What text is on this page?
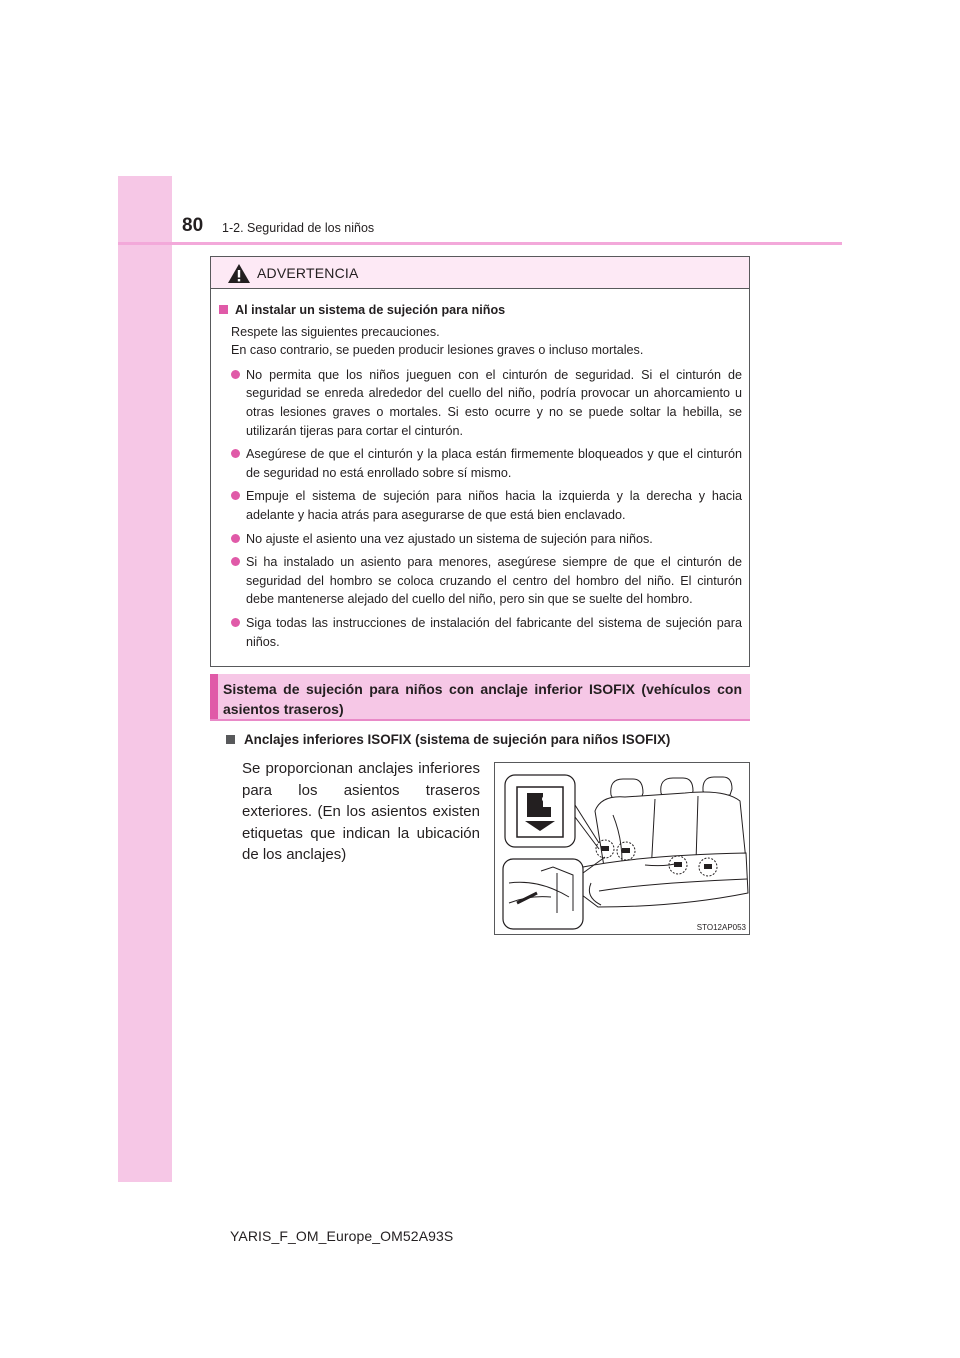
80 1-2. Seguridad de los niños
ADVERTENCIA
Al instalar un sistema de sujeción para niños
Respete las siguientes precauciones.
En caso contrario, se pueden producir lesiones graves o incluso mortales.
No permita que los niños jueguen con el cinturón de seguridad. Si el cinturón de seguridad se enreda alrededor del cuello del niño, podría provocar un ahorcamiento u otras lesiones graves o mortales. Si esto ocurre y no se puede soltar la hebilla, se utilizarán tijeras para cortar el cinturón.
Asegúrese de que el cinturón y la placa están firmemente bloqueados y que el cinturón de seguridad no está enrollado sobre sí mismo.
Empuje el sistema de sujeción para niños hacia la izquierda y la derecha y hacia adelante y hacia atrás para asegurarse de que está bien enclavado.
No ajuste el asiento una vez ajustado un sistema de sujeción para niños.
Si ha instalado un asiento para menores, asegúrese siempre de que el cinturón de seguridad del hombro se coloca cruzando el centro del hombro del niño. El cinturón debe mantenerse alejado del cuello del niño, pero sin que se suelte del hombro.
Siga todas las instrucciones de instalación del fabricante del sistema de sujeción para niños.
Sistema de sujeción para niños con anclaje inferior ISOFIX (vehículos con asientos traseros)
Anclajes inferiores ISOFIX (sistema de sujeción para niños ISOFIX)
Se proporcionan anclajes inferiores para los asientos traseros exteriores. (En los asientos existen etiquetas que indican la ubicación de los anclajes)
STO12AP053
YARIS_F_OM_Europe_OM52A93S
